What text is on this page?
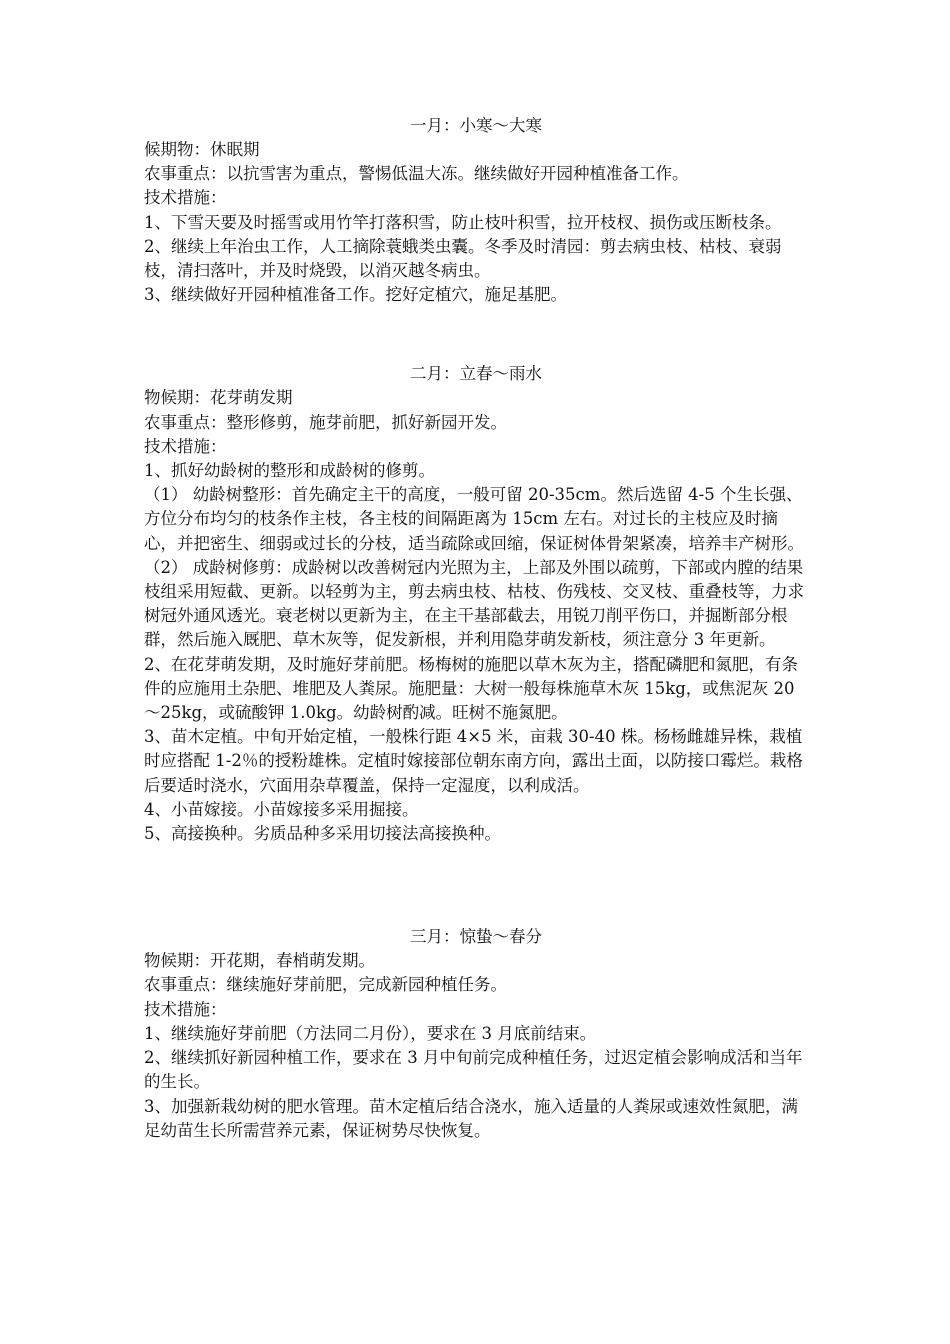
一月：小寒～大寒
候期物：休眠期
农事重点：以抗雪害为重点，警惕低温大冻。继续做好开园种植准备工作。
技术措施：
1、下雪天要及时摇雪或用竹竿打落积雪，防止枝叶积雪，拉开枝杈、损伤或压断枝条。
2、继续上年治虫工作，人工摘除蓑蛾类虫囊。冬季及时清园：剪去病虫枝、枯枝、衰弱枝，清扫落叶，并及时烧毁，以消灭越冬病虫。
3、继续做好开园种植准备工作。挖好定植穴，施足基肥。
二月：立春～雨水
物候期：花芽萌发期
农事重点：整形修剪，施芽前肥，抓好新园开发。
技术措施：
1、抓好幼龄树的整形和成龄树的修剪。
（1） 幼龄树整形：首先确定主干的高度，一般可留 20-35cm。然后选留 4-5 个生长强、方位分布均匀的枝条作主枝，各主枝的间隔距离为 15cm 左右。对过长的主枝应及时摘心，并把密生、细弱或过长的分枝，适当疏除或回缩，保证树体骨架紧凑，培养丰产树形。
（2） 成龄树修剪：成龄树以改善树冠内光照为主，上部及外围以疏剪，下部或内膛的结果枝组采用短截、更新。以轻剪为主，剪去病虫枝、枯枝、伤残枝、交叉枝、重叠枝等，力求树冠外通风透光。衰老树以更新为主，在主干基部截去，用锐刀削平伤口，并掘断部分根群，然后施入厩肥、草木灰等，促发新根，并利用隐芽萌发新枝，须注意分 3 年更新。
2、在花芽萌发期，及时施好芽前肥。杨梅树的施肥以草木灰为主，搭配磷肥和氮肥，有条件的应施用土杂肥、堆肥及人粪尿。施肥量：大树一般每株施草木灰 15kg，或焦泥灰 20～25kg，或硫酸钾 1.0kg。幼龄树酌减。旺树不施氮肥。
3、苗木定植。中旬开始定植，一般株行距 4×5 米，亩栽 30-40 株。杨杨雌雄异株，栽植时应搭配 1-2％的授粉雄株。定植时嫁接部位朝东南方向，露出土面，以防接口霉烂。栽格后要适时浇水，穴面用杂草覆盖，保持一定湿度，以利成活。
4、小苗嫁接。小苗嫁接多采用掘接。
5、高接换种。劣质品种多采用切接法高接换种。
三月：惊蛰～春分
物候期：开花期，春梢萌发期。
农事重点：继续施好芽前肥，完成新园种植任务。
技术措施：
1、继续施好芽前肥（方法同二月份），要求在 3 月底前结束。
2、继续抓好新园种植工作，要求在 3 月中旬前完成种植任务，过迟定植会影响成活和当年的生长。
3、加强新栽幼树的肥水管理。苗木定植后结合浇水，施入适量的人粪尿或速效性氮肥，满足幼苗生长所需营养元素，保证树势尽快恢复。
